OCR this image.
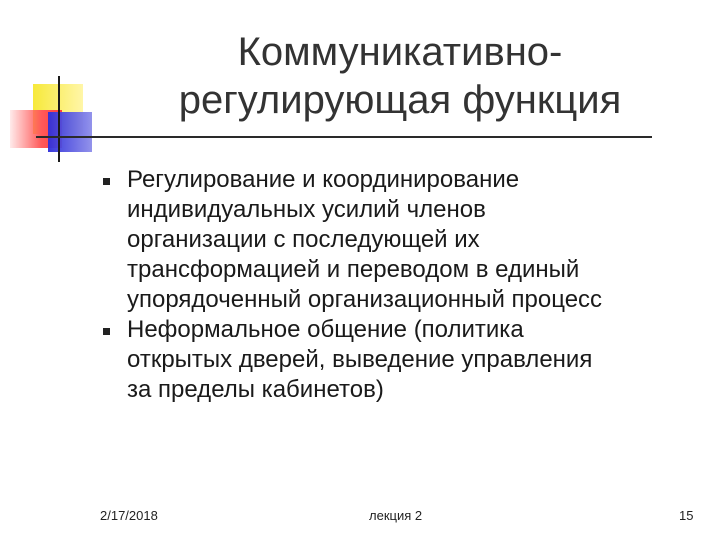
Коммуникативно-
регулирующая функция
Регулирование и координирование
индивидуальных усилий членов
организации с последующей их
трансформацией и переводом в единый
упорядоченный организационный процесс
Неформальное общение (политика
открытых дверей, выведение управления
за пределы кабинетов)
2/17/2018	лекция 2	15
